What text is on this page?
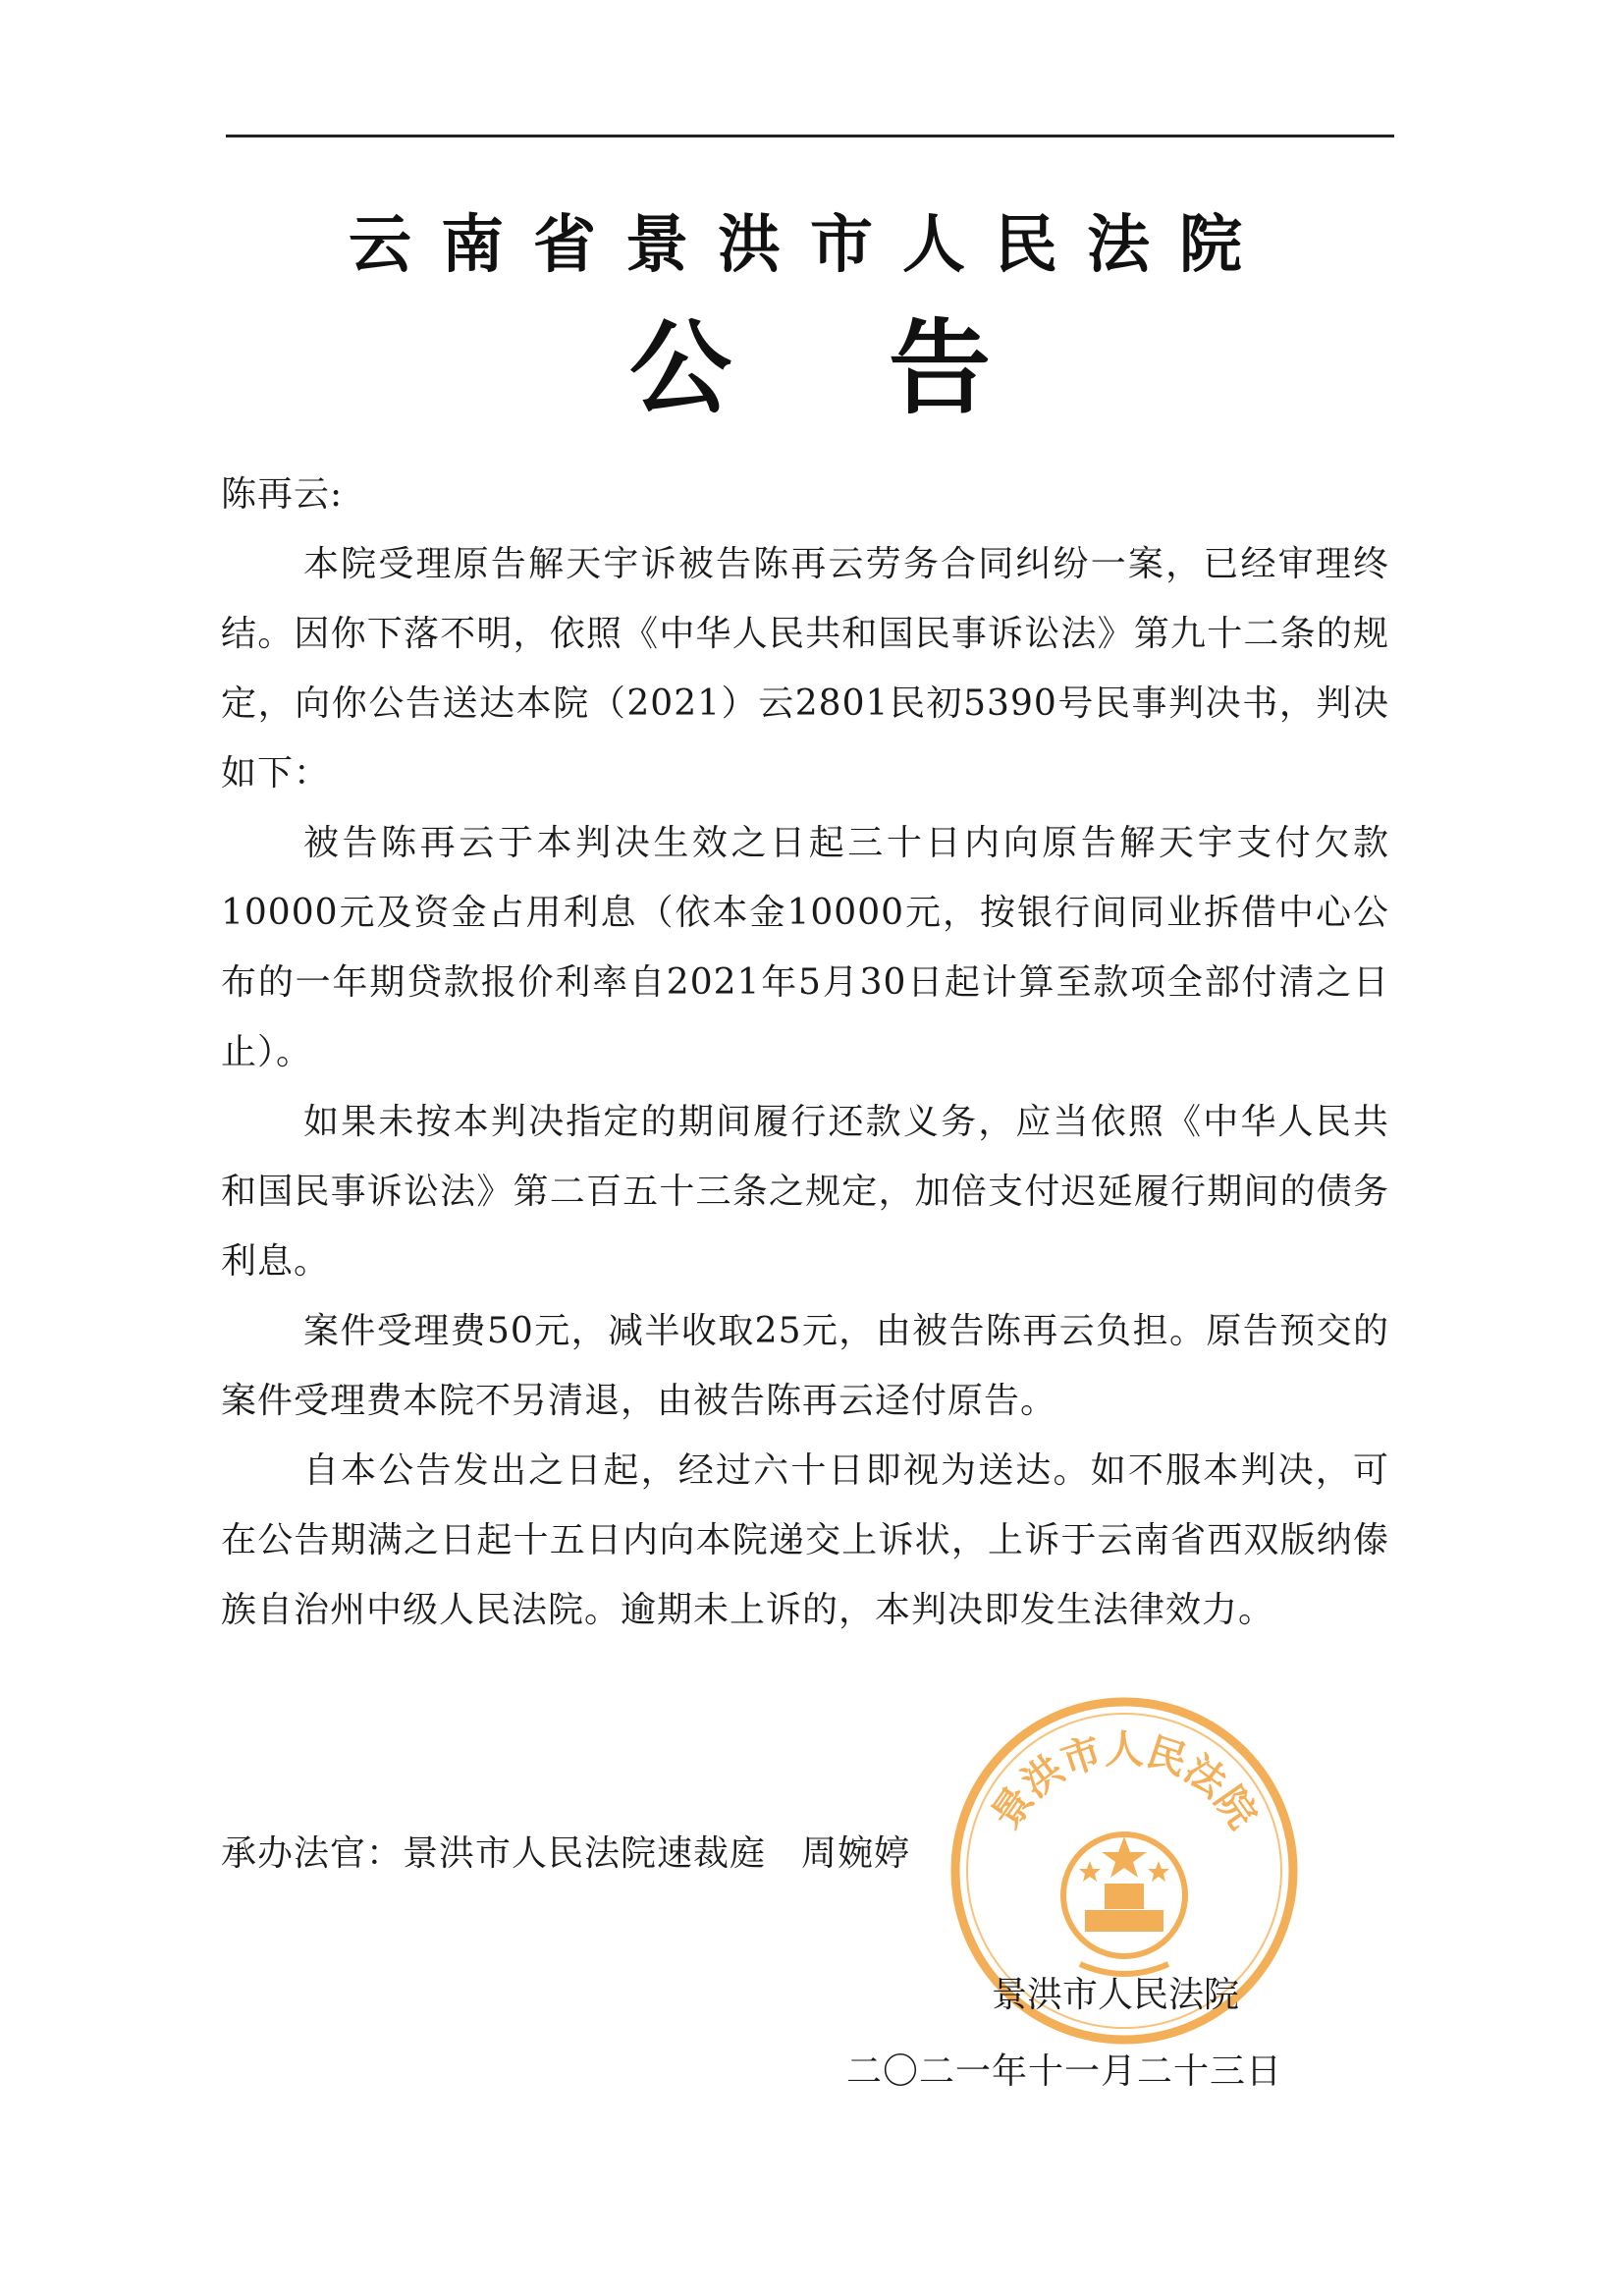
云南省景洪市人民法院
公告

陈再云:

本院受理原告解天宇诉被告陈再云劳务合同纠纷一案，已经审理终结。因你下落不明，依照《中华人民共和国民事诉讼法》第九十二条的规定，向你公告送达本院（2021）云2801民初5390号民事判决书，判决如下：

被告陈再云于本判决生效之日起三十日内向原告解天宇支付欠款10000元及资金占用利息（依本金10000元，按银行间同业拆借中心公布的一年期贷款报价利率自2021年5月30日起计算至款项全部付清之日止）。

如果未按本判决指定的期间履行还款义务，应当依照《中华人民共和国民事诉讼法》第二百五十三条之规定，加倍支付迟延履行期间的债务利息。

案件受理费50元，减半收取25元，由被告陈再云负担。原告预交的案件受理费本院不另清退，由被告陈再云迳付原告。

自本公告发出之日起，经过六十日即视为送达。如不服本判决，可在公告期满之日起十五日内向本院递交上诉状，上诉于云南省西双版纳傣族自治州中级人民法院。逾期未上诉的，本判决即发生法律效力。

景洪市人民法院
承办法官：景洪市人民法院速裁庭 周婉婷
景洪市人民法院
二〇二一年十一月二十三日
